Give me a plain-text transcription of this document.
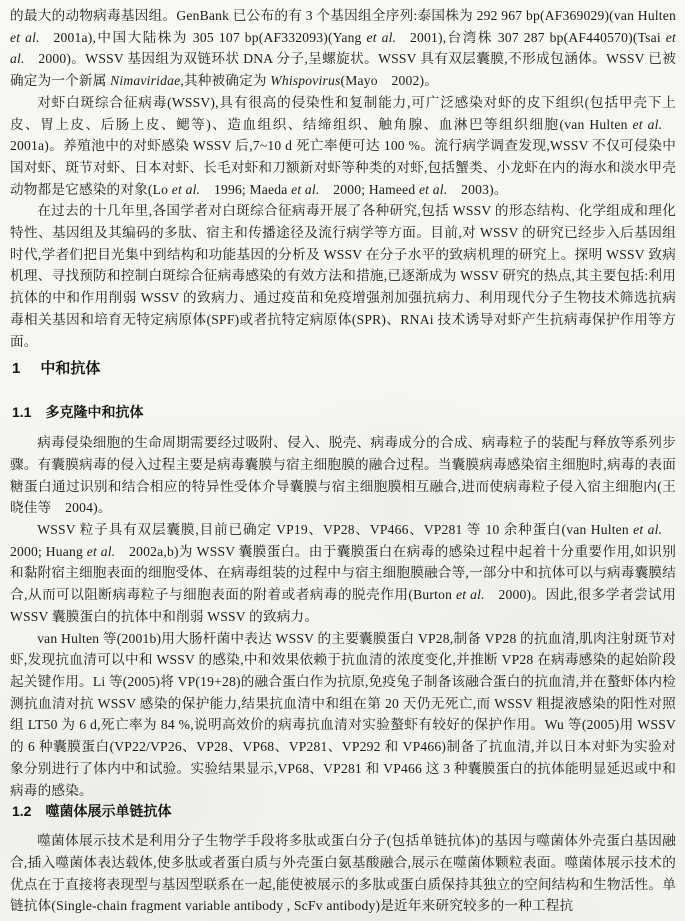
的最大的动物病毒基因组。GenBank 已公布的有 3 个基因组全序列:泰国株为 292 967 bp(AF369029)(van Hulten et al. 2001a),中国大陆株为 305 107 bp(AF332093)(Yang et al. 2001),台湾株 307 287 bp(AF440570)(Tsai et al. 2000)。WSSV 基因组为双链环状 DNA 分子,呈螺旋状。WSSV 具有双层囊膜,不形成包涵体。WSSV 已被确定为一个新属 Nimaviridae,其种被确定为 Whispovirus(Mayo 2002)。

对虾白斑综合征病毒(WSSV),具有很高的侵染性和复制能力,可广泛感染对虾的皮下组织(包括甲壳下上皮、胃上皮、后肠上皮、鳃等)、造血组织、结缔组织、触角腺、血淋巴等组织细胞(van Hulten et al. 2001a)。养殖池中的对虾感染 WSSV 后,7~10 d 死亡率便可达 100 %。流行病学调查发现,WSSV 不仅可侵染中国对虾、斑节对虾、日本对虾、长毛对虾和刀额新对虾等种类的对虾,包括蟹类、小龙虾在内的海水和淡水甲壳动物都是它感染的对象(Lo et al. 1996; Maeda et al. 2000; Hameed et al. 2003)。

在过去的十几年里,各国学者对白斑综合征病毒开展了各种研究,包括 WSSV 的形态结构、化学组成和理化特性、基因组及其编码的多肽、宿主和传播途径及流行病学等方面。目前,对 WSSV 的研究已经步入后基因组时代,学者们把目光集中到结构和功能基因的分析及 WSSV 在分子水平的致病机理的研究上。探明 WSSV 致病机理、寻找预防和控制白斑综合征病毒感染的有效方法和措施,已逐渐成为 WSSV 研究的热点,其主要包括:利用抗体的中和作用削弱 WSSV 的致病力、通过疫苗和免疫增强剂加强抗病力、利用现代分子生物技术筛选抗病毒相关基因和培育无特定病原体(SPF)或者抗特定病原体(SPR)、RNAi 技术诱导对虾产生抗病毒保护作用等方面。

1 中和抗体
1.1 多克隆中和抗体

病毒侵染细胞的生命周期需要经过吸附、侵入、脱壳、病毒成分的合成、病毒粒子的装配与释放等系列步骤。有囊膜病毒的侵入过程主要是病毒囊膜与宿主细胞膜的融合过程。当囊膜病毒感染宿主细胞时,病毒的表面糖蛋白通过识别和结合相应的特异性受体介导囊膜与宿主细胞膜相互融合,进而使病毒粒子侵入宿主细胞内(王晓佳等 2004)。

WSSV 粒子具有双层囊膜,目前已确定 VP19、VP28、VP466、VP281 等 10 余种蛋白(van Hulten et al. 2000; Huang et al. 2002a,b)为 WSSV 囊膜蛋白。由于囊膜蛋白在病毒的感染过程中起着十分重要作用,如识别和黏附宿主细胞表面的细胞受体、在病毒组装的过程中与宿主细胞膜融合等,一部分中和抗体可以与病毒囊膜结合,从而可以阻断病毒粒子与细胞表面的附着或者病毒的脱壳作用(Burton et al. 2000)。因此,很多学者尝试用 WSSV 囊膜蛋白的抗体中和削弱 WSSV 的致病力。

van Hulten 等(2001b)用大肠杆菌中表达 WSSV 的主要囊膜蛋白 VP28,制备 VP28 的抗血清,肌肉注射斑节对虾,发现抗血清可以中和 WSSV 的感染,中和效果依赖于抗血清的浓度变化,并推断 VP28 在病毒感染的起始阶段起关键作用。Li 等(2005)将 VP(19+28)的融合蛋白作为抗原,免疫兔子制备该融合蛋白的抗血清,并在螯虾体内检测抗血清对抗 WSSV 感染的保护能力,结果抗血清中和组在第 20 天仍无死亡,而 WSSV 粗提液感染的阳性对照组 LT50 为 6 d,死亡率为 84 %,说明高效价的病毒抗血清对实验螯虾有较好的保护作用。Wu 等(2005)用 WSSV 的 6 种囊膜蛋白(VP22/VP26、VP28、VP68、VP281、VP292 和 VP466)制备了抗血清,并以日本对虾为实验对象分别进行了体内中和试验。实验结果显示,VP68、VP281 和 VP466 这 3 种囊膜蛋白的抗体能明显延迟或中和病毒的感染。

1.2 噬菌体展示单链抗体

噬菌体展示技术是利用分子生物学手段将多肽或蛋白分子(包括单链抗体)的基因与噬菌体外壳蛋白基因融合,插入噬菌体表达载体,使多肽或者蛋白质与外壳蛋白氨基酸融合,展示在噬菌体颗粒表面。噬菌体展示技术的优点在于直接将表现型与基因型联系在一起,能使被展示的多肽或蛋白质保持其独立的空间结构和生物活性。单链抗体(Single-chain fragment variable antibody , ScFv antibody)是近年来研究较多的一种工程抗
